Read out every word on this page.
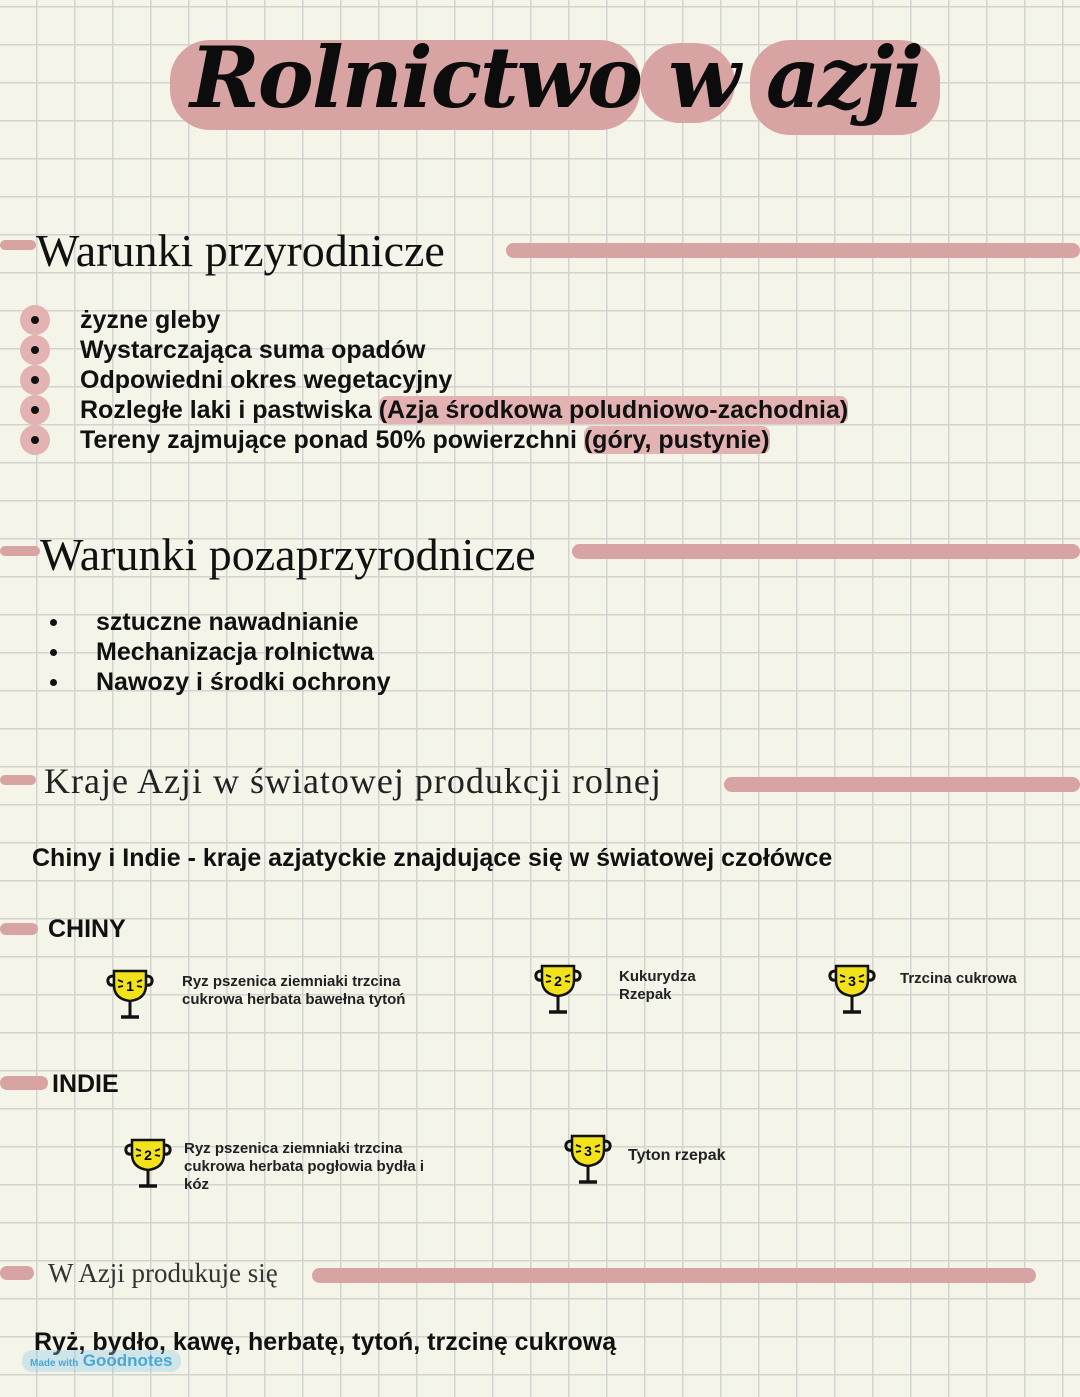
Rolnictwo w azji
Warunki przyrodnicze
żyzne gleby
Wystarczająca suma opadów
Odpowiedni okres wegetacyjny
Rozległe laki i pastwiska (Azja środkowa poludniowo-zachodnia)
Tereny zajmujące ponad 50% powierzchni (góry, pustynie)
Warunki pozaprzyrodnicze
sztuczne nawadnianie
Mechanizacja rolnictwa
Nawozy i środki ochrony
Kraje Azji w światowej produkcji rolnej
Chiny i Indie - kraje azjatyckie znajdujące się w światowej czołówce
CHINY
1	Ryz pszenica ziemniaki trzcina cukrowa herbata bawełna tytoń
2	Kukurydza Rzepak
3	Trzcina cukrowa
INDIE
2 Ryz pszenica ziemniaki trzcina cukrowa herbata pogłowia bydła i kóz
3 Tyton rzepak
W Azji produkuje się
Ryż, bydło, kawę, herbatę, tytoń, trzcinę cukrową
Made with Goodnotes
